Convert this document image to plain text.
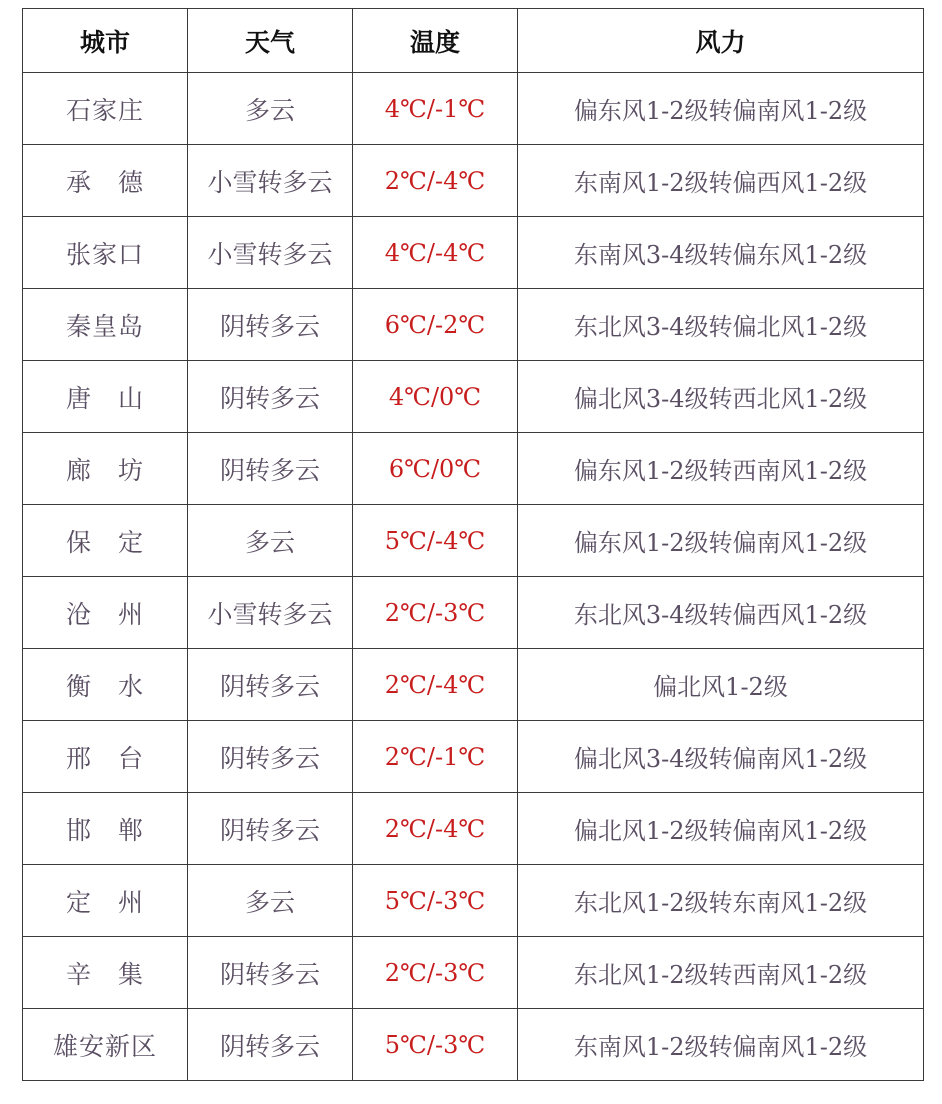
城市	天气	温度	风力
石家庄	多云	4℃/-1℃	偏东风1-2级转偏南风1-2级
承　德	小雪转多云	2℃/-4℃	东南风1-2级转偏西风1-2级
张家口	小雪转多云	4℃/-4℃	东南风3-4级转偏东风1-2级
秦皇岛	阴转多云	6℃/-2℃	东北风3-4级转偏北风1-2级
唐　山	阴转多云	4℃/0℃	偏北风3-4级转西北风1-2级
廊　坊	阴转多云	6℃/0℃	偏东风1-2级转西南风1-2级
保　定	多云	5℃/-4℃	偏东风1-2级转偏南风1-2级
沧　州	小雪转多云	2℃/-3℃	东北风3-4级转偏西风1-2级
衡　水	阴转多云	2℃/-4℃	偏北风1-2级
邢　台	阴转多云	2℃/-1℃	偏北风3-4级转偏南风1-2级
邯　郸	阴转多云	2℃/-4℃	偏北风1-2级转偏南风1-2级
定　州	多云	5℃/-3℃	东北风1-2级转东南风1-2级
辛　集	阴转多云	2℃/-3℃	东北风1-2级转西南风1-2级
雄安新区	阴转多云	5℃/-3℃	东南风1-2级转偏南风1-2级
